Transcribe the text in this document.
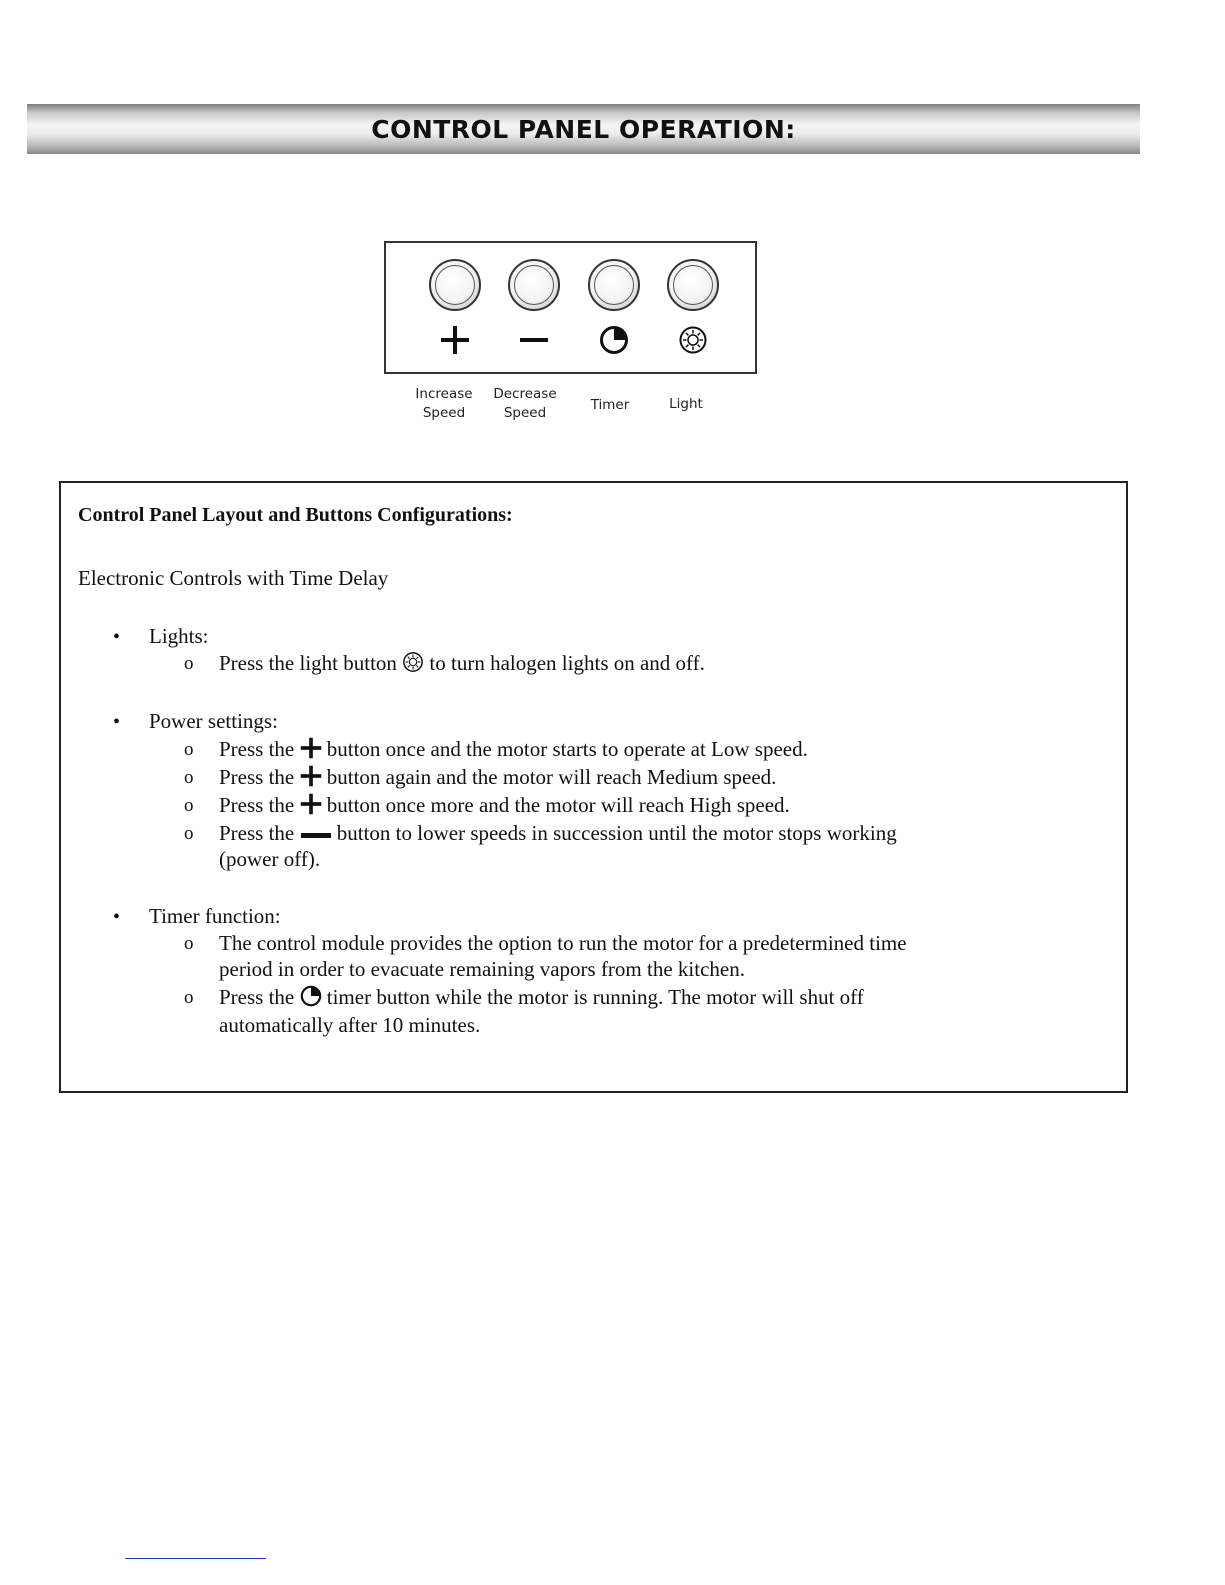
CONTROL PANEL OPERATION:
Increase
Speed
Decrease
Speed	Timer	Light
Control Panel Layout and Buttons Configurations:
Electronic Controls with Time Delay
• Lights:
o Press the light button to turn halogen lights on and off.
• Power settings:
o Press the button once and the motor starts to operate at Low speed.
o Press the button again and the motor will reach Medium speed.
o Press the button once more and the motor will reach High speed.
o Press the button to lower speeds in succession until the motor stops working
(power off).
• Timer function:
o The control module provides the option to run the motor for a predetermined time
period in order to evacuate remaining vapors from the kitchen.
o Press the timer button while the motor is running. The motor will shut off
automatically after 10 minutes.
